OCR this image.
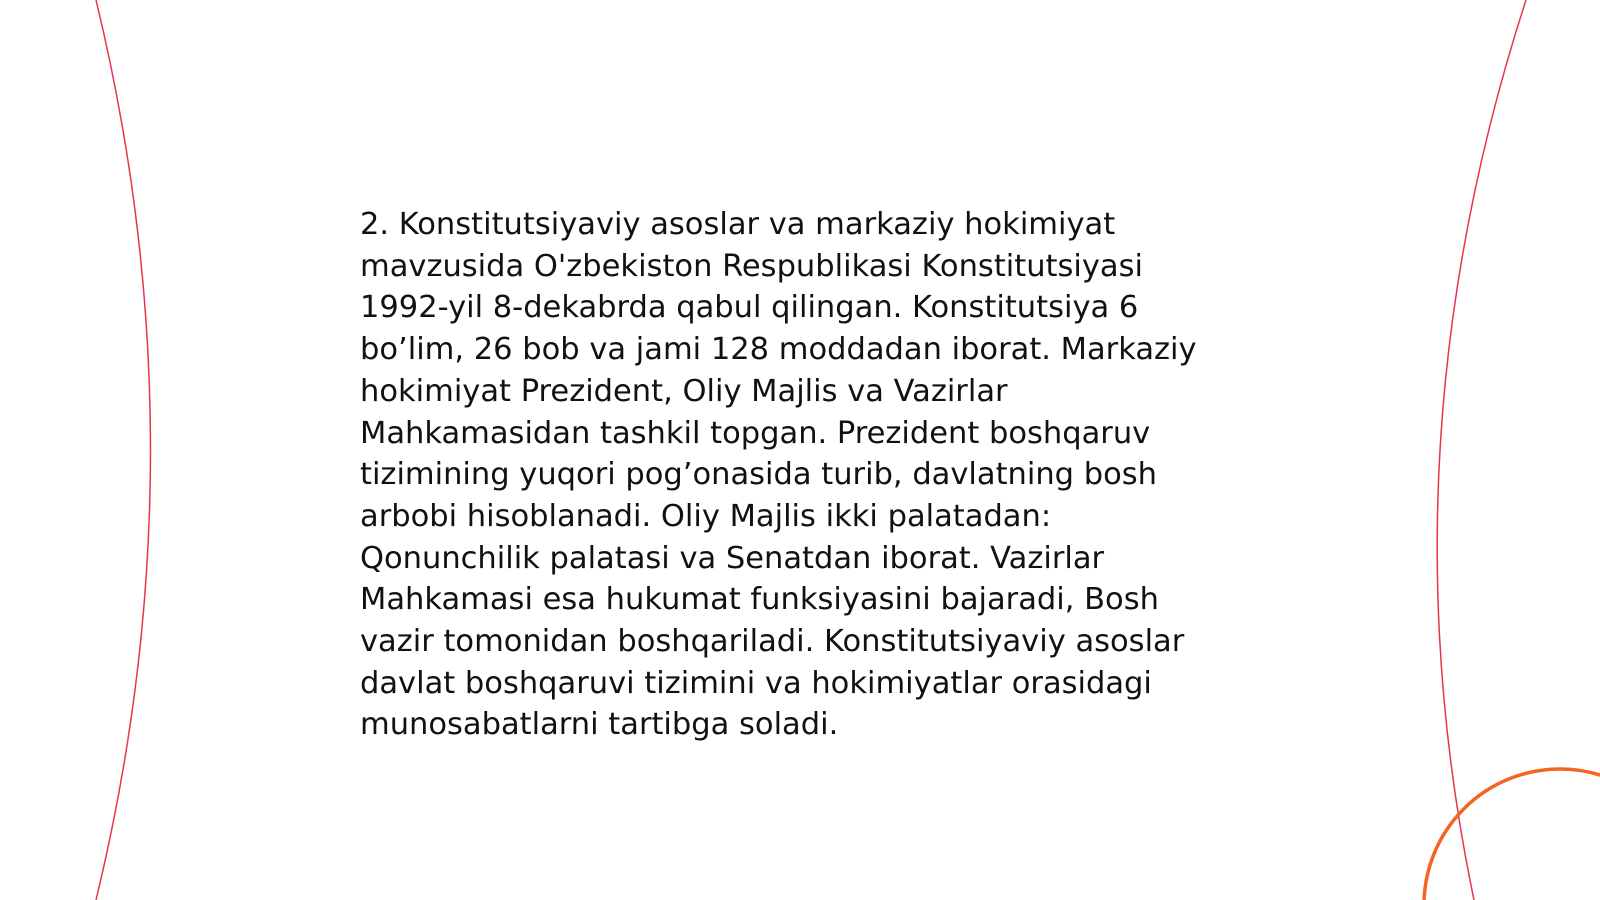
2. Konstitutsiyaviy asoslar va markaziy hokimiyat
mavzusida O'zbekiston Respublikasi Konstitutsiyasi
1992-yil 8-dekabrda qabul qilingan. Konstitutsiya 6
bo’lim, 26 bob va jami 128 moddadan iborat. Markaziy
hokimiyat Prezident, Oliy Majlis va Vazirlar
Mahkamasidan tashkil topgan. Prezident boshqaruv
tizimining yuqori pog’onasida turib, davlatning bosh
arbobi hisoblanadi. Oliy Majlis ikki palatadan:
Qonunchilik palatasi va Senatdan iborat. Vazirlar
Mahkamasi esa hukumat funksiyasini bajaradi, Bosh
vazir tomonidan boshqariladi. Konstitutsiyaviy asoslar
davlat boshqaruvi tizimini va hokimiyatlar orasidagi
munosabatlarni tartibga soladi.
